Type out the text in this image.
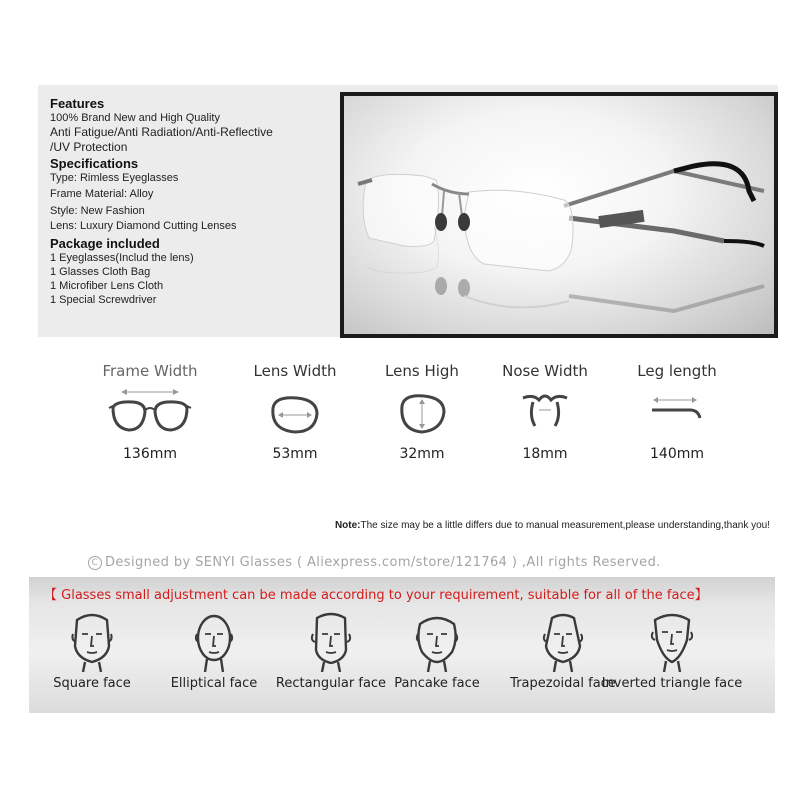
Features
100% Brand New and High Quality
Anti Fatigue/Anti Radiation/Anti-Reflective
/UV Protection
Specifications
Type: Rimless Eyeglasses
Frame Material: Alloy
Style: New Fashion
Lens: Luxury Diamond Cutting Lenses
Package included
1 Eyeglasses(Includ the lens)
1 Glasses Cloth Bag
1 Microfiber Lens Cloth
1 Special Screwdriver
Frame Width
136mm
Lens Width
53mm
Lens High
32mm
Nose Width
18mm
Leg length
140mm
Note:The size may be a little differs due to manual measurement,please understanding,thank you!
C Designed by SENYI Glasses ( Aliexpress.com/store/121764 ) ,All rights Reserved.
【 Glasses small adjustment can be made according to your requirement, suitable for all of the face】
Square face	Elliptical face	Rectangular face Pancake face	Trapezoidal face
Inverted triangle face
